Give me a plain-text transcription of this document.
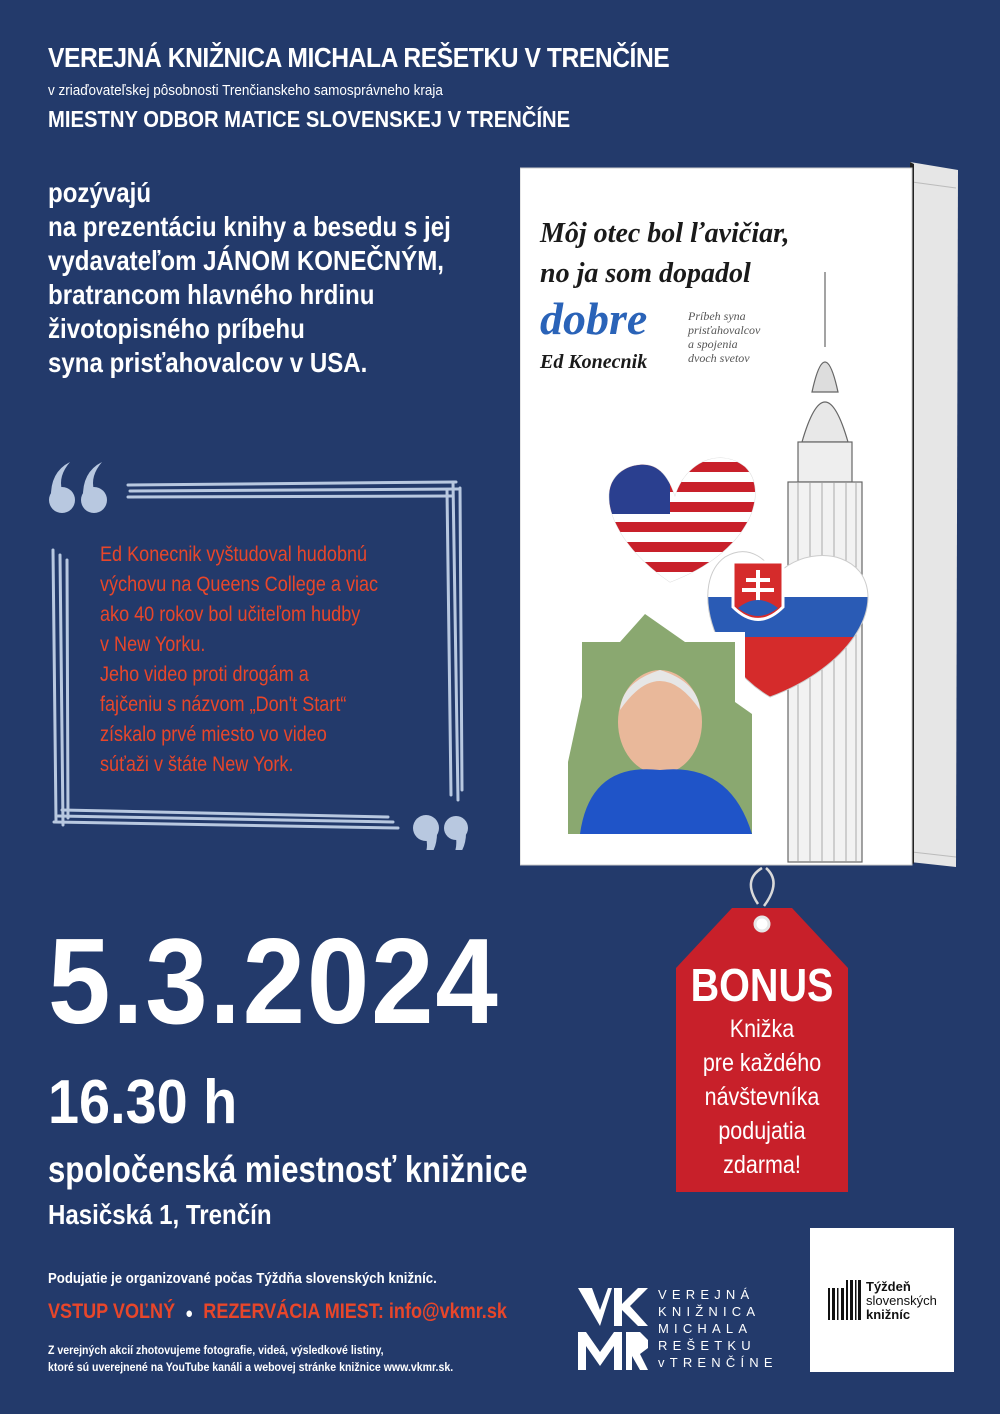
VEREJNÁ KNIŽNICA MICHALA REŠETKU V TRENČÍNE
v zriaďovateľskej pôsobnosti Trenčianskeho samosprávneho kraja
MIESTNY ODBOR MATICE SLOVENSKEJ V TRENČÍNE
pozývajú
na prezentáciu knihy a besedu s jej
vydavateľom JÁNOM KONEČNÝM,
bratrancom hlavného hrdinu
životopisného príbehu
syna prisťahovalcov v USA.
Ed Konecnik vyštudoval hudobnú
výchovu na Queens College a viac
ako 40 rokov bol učiteľom hudby
v New Yorku.
Jeho video proti drogám a
fajčeniu s názvom „Don't Start“
získalo prvé miesto vo video
súťaži v štáte New York.
Môj otec bol ľavičiar,
no ja som dopadol
dobre
Ed Konecnik
Príbeh syna
prisťahovalcov
a spojenia
dvoch svetov
5.3.2024
16.30 h
spoločenská miestnosť knižnice
Hasičská 1, Trenčín
BONUS
Knižka
pre každého
návštevníka
podujatia
zdarma!
Podujatie je organizované počas Týždňa slovenských knižníc.
VSTUP VOĽNÝ ● REZERVÁCIA MIEST: info@vkmr.sk
Z verejných akcií zhotovujeme fotografie, videá, výsledkové listiny,
ktoré sú uverejnené na YouTube kanáli a webovej stránke knižnice www.vkmr.sk.
VEREJNÁ
KNIŽNICA
MICHALA
REŠETKU
vTRENČÍNE
Týždeň
slovenských
knižníc
